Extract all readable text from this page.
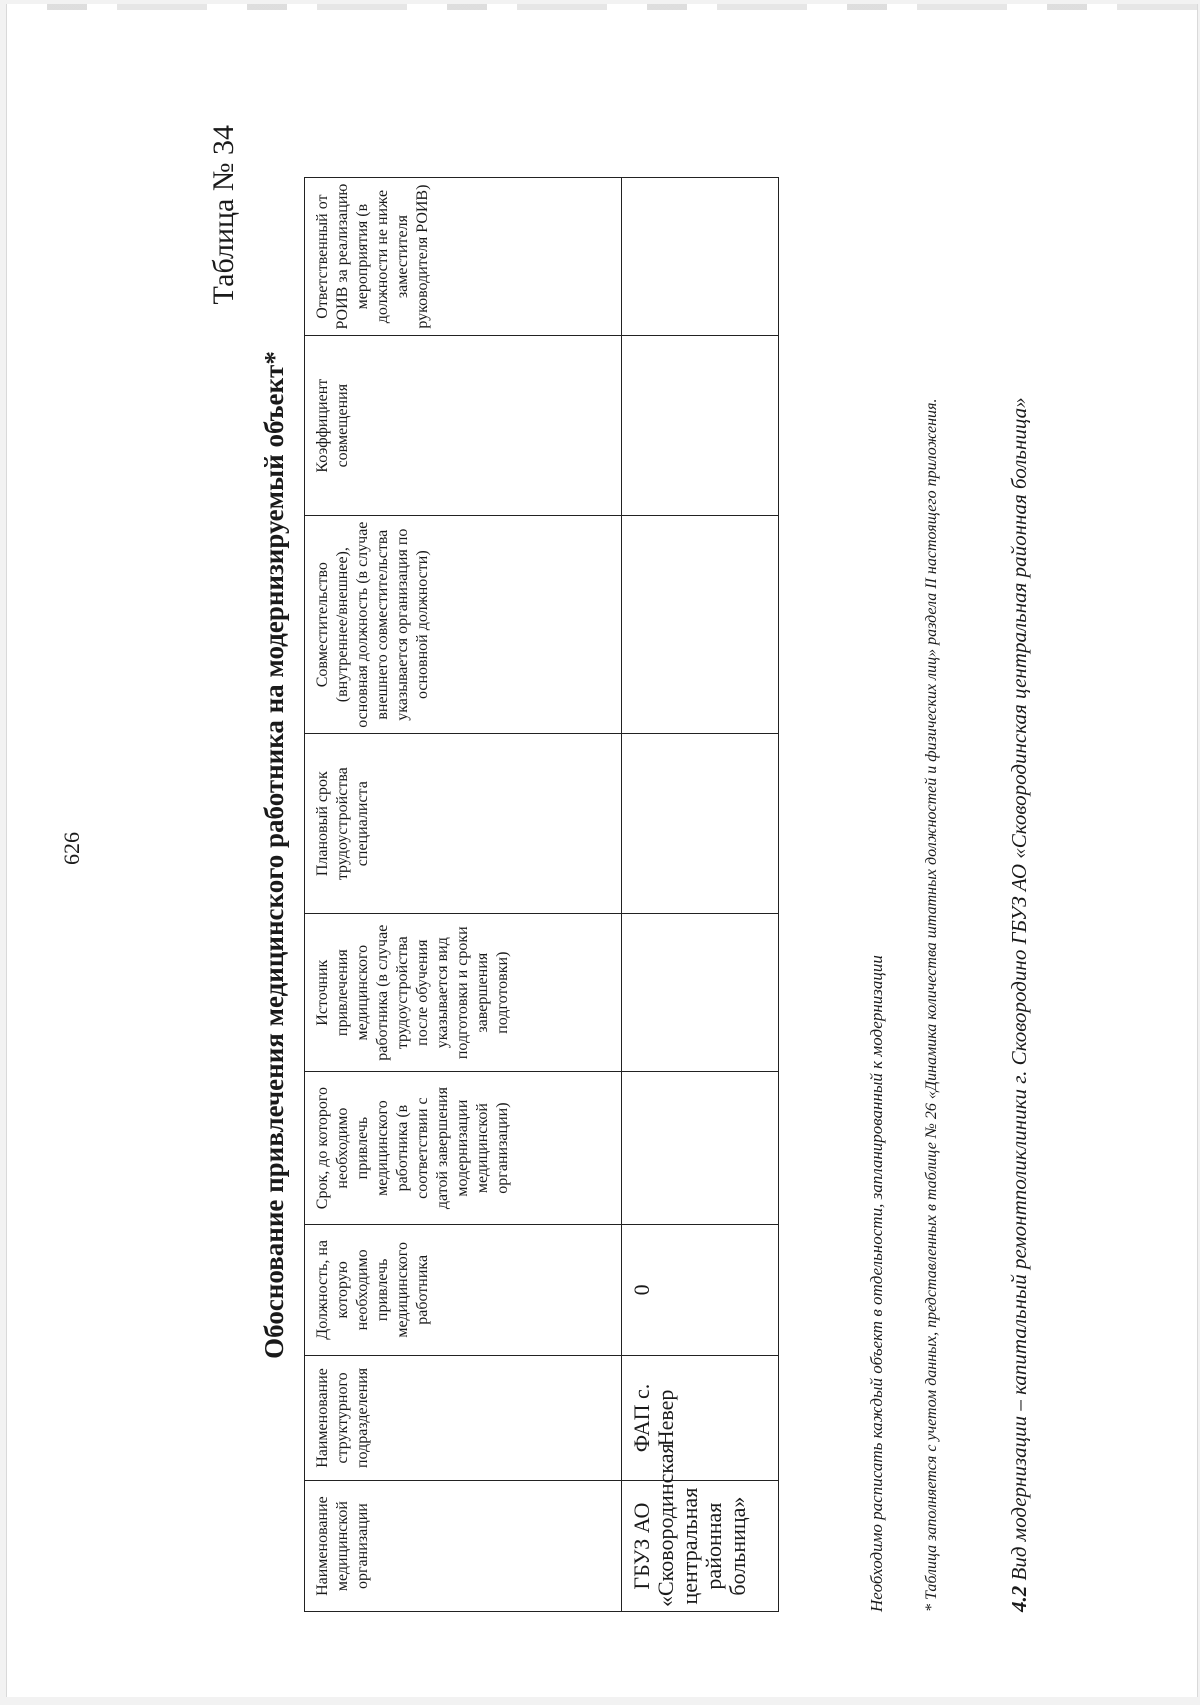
626
Таблица № 34
Обоснование привлечения медицинского работника на модернизируемый объект*
Наименование медицинской организации	Наименование структурного подразделения	Должность, на которую необходимо привлечь медицинского работника	Срок, до которого необходимо привлечь медицинского работника (в соответствии с датой завершения модернизации медицинской организации)	Источник привлечения медицинского работника (в случае трудоустройства после обучения указывается вид подготовки и сроки завершения подготовки)	Плановый срок трудоустройства специалиста	Совместительство (внутреннее/внешнее), основная должность (в случае внешнего совместительства указывается организация по основной должности)	Коэффициент совмещения	Ответственный от РОИВ за реализацию мероприятия (в должности не ниже заместителя руководителя РОИВ)
ГБУЗ АО «Сковородинская центральная районная больница»	ФАП с. Невер	0							Необходимо расписать каждый объект в отдельности, запланированный к модернизации * Таблица заполняется с учетом данных, представленных в таблице № 26 «Динамика количества штатных должностей и физических лиц» раздела II настоящего приложения.	4.2 Вид модернизации – капитальный ремонтполиклиники г. Сковородино ГБУЗ АО «Сковородинская центральная районная больница»
